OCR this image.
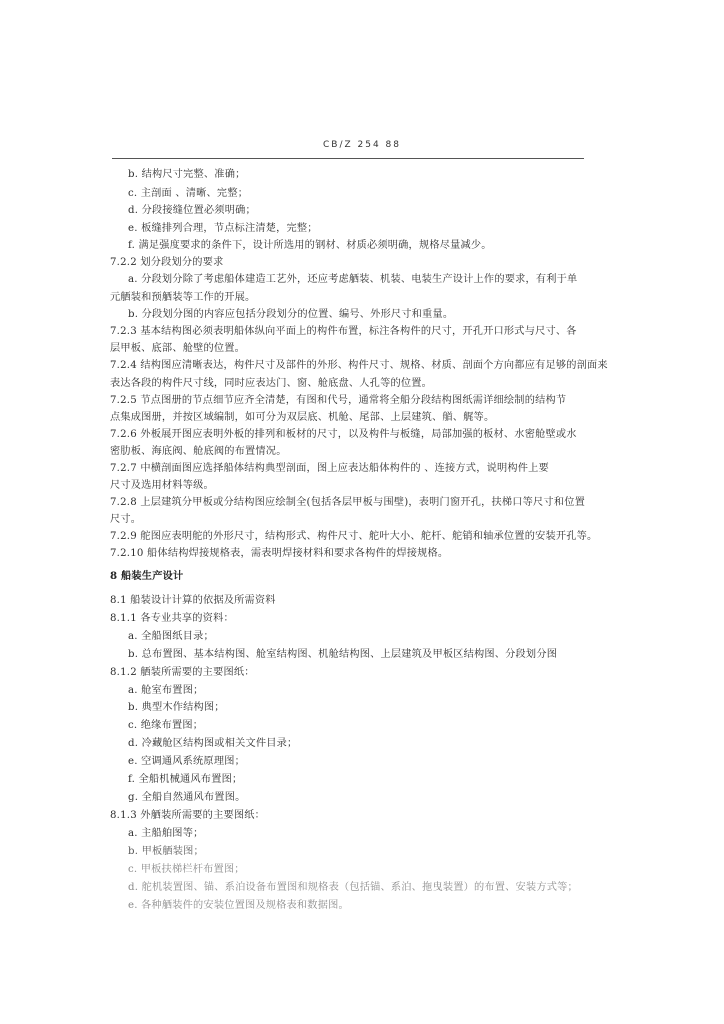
CB/Z 254 88
b. 结构尺寸完整、准确；
c. 主剖面 、清晰、完整；
d. 分段接缝位置必须明确；
e. 板缝排列合理，节点标注清楚，完整；
f. 满足强度要求的条件下，设计所选用的钢材、材质必须明确，规格尽量减少。
7.2.2 划分段划分的要求
a. 分段划分除了考虑船体建造工艺外，还应考虑舾装、机装、电装生产设计上作的要求，有利于单
元舾装和预舾装等工作的开展。
b. 分段划分图的内容应包括分段划分的位置、编号、外形尺寸和重量。
7.2.3 基本结构图必须表明船体纵向平面上的构件布置，标注各构件的尺寸，开孔开口形式与尺寸、各
层甲板、底部、舱壁的位置。
7.2.4 结构图应清晰表达，构件尺寸及部件的外形、构件尺寸、规格、材质、剖面个方向都应有足够的剖面来
表达各段的构件尺寸线，同时应表达门、窗、舱底盘、人孔等的位置。
7.2.5 节点图册的节点细节应齐全清楚，有图和代号，通常将全船分段结构图纸需详细绘制的结构节
点集成图册，并按区域编制，如可分为双层底、机舱、尾部、上层建筑、艏、艉等。
7.2.6 外板展开图应表明外板的排列和板材的尺寸，以及构件与板缝，局部加强的板材、水密舱壁或水
密肋板、海底阀、舱底阀的布置情况。
7.2.7 中横剖面图应选择船体结构典型剖面，图上应表达船体构件的 、连接方式，说明构件上要
尺寸及选用材料等级。
7.2.8 上层建筑分甲板或分结构图应绘制全(包括各层甲板与围壁)，表明门窗开孔，扶梯口等尺寸和位置
尺寸。
7.2.9 舵图应表明舵的外形尺寸，结构形式、构件尺寸、舵叶大小、舵杆、舵销和轴承位置的安装开孔等。
7.2.10 船体结构焊接规格表，需表明焊接材料和要求各构件的焊接规格。
8 船装生产设计
8.1 船装设计计算的依据及所需资料
8.1.1 各专业共享的资料：
a. 全船图纸目录；
b. 总布置图、基本结构图、舱室结构图、机舱结构图、上层建筑及甲板区结构图、分段划分图
8.1.2 舾装所需要的主要图纸：
a. 舱室布置图；
b. 典型木作结构图；
c. 绝缘布置图；
d. 冷藏舱区结构图或相关文件目录；
e. 空调通风系统原理图；
f. 全船机械通风布置图；
g. 全船自然通风布置图。
8.1.3 外舾装所需要的主要图纸：
a. 主船舶图等；
b. 甲板舾装图；
c. 甲板扶梯栏杆布置图；
d. 舵机装置图、锚、系泊设备布置图和规格表（包括锚、系泊、拖曳装置）的布置、安装方式等；
e. 各种舾装件的安装位置图及规格表和数据图。
